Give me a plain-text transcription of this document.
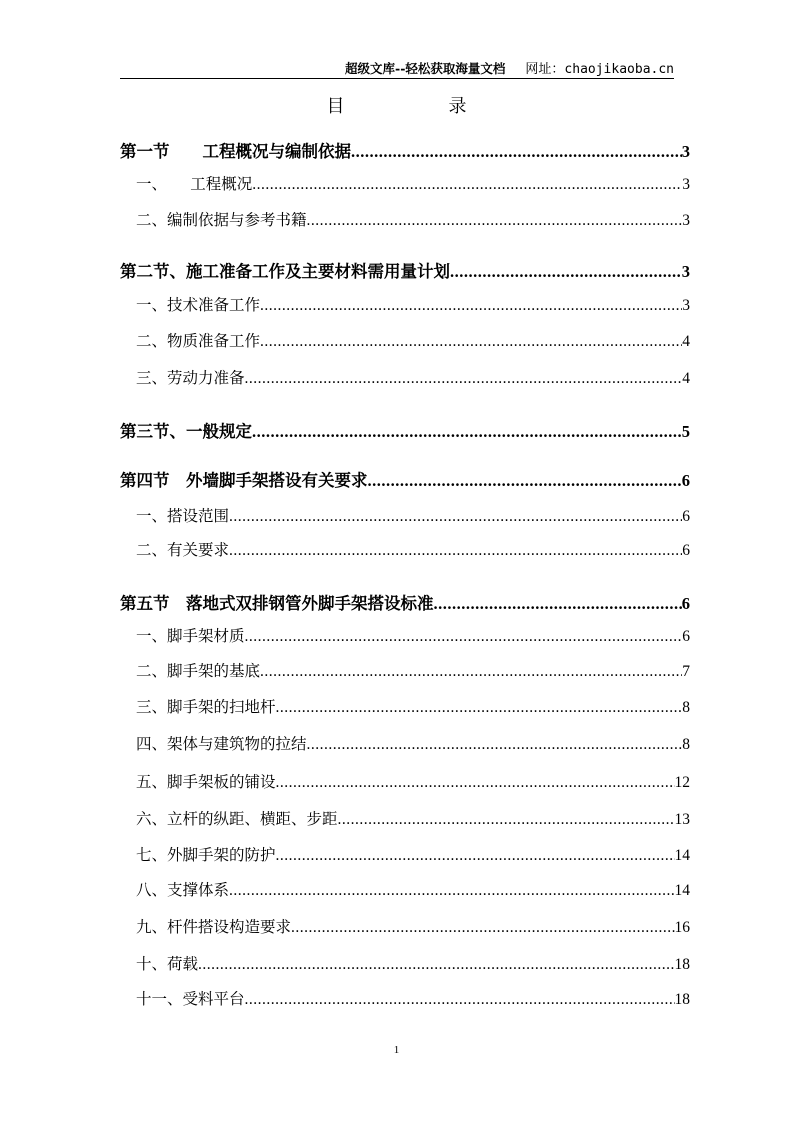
超级文库--轻松获取海量文档 网址：chaojikaoba.cn
目	录
第一节　　工程概况与编制依据 .....	3
一、　　工程概况 .....	3
二、编制依据与参考书籍 .....	3
第二节、施工准备工作及主要材料需用量计划 .....	3
一、技术准备工作 .....	3
二、物质准备工作 .....	4
三、劳动力准备 .....	4
第三节、一般规定 .....	5
第四节　外墙脚手架搭设有关要求 .....	6
一、搭设范围 .....	6
二、有关要求 .....	6
第五节　落地式双排钢管外脚手架搭设标准 .....	6
一、脚手架材质 .....	6
二、脚手架的基底 .....	7
三、脚手架的扫地杆 .....	8
四、架体与建筑物的拉结 .....	8
五、脚手架板的铺设 .....	12
六、立杆的纵距、横距、步距 .....	13
七、外脚手架的防护 .....	14
八、支撑体系 .....	14
九、杆件搭设构造要求 .....	16
十、荷载 .....	18
十一、受料平台 .....	18
1
